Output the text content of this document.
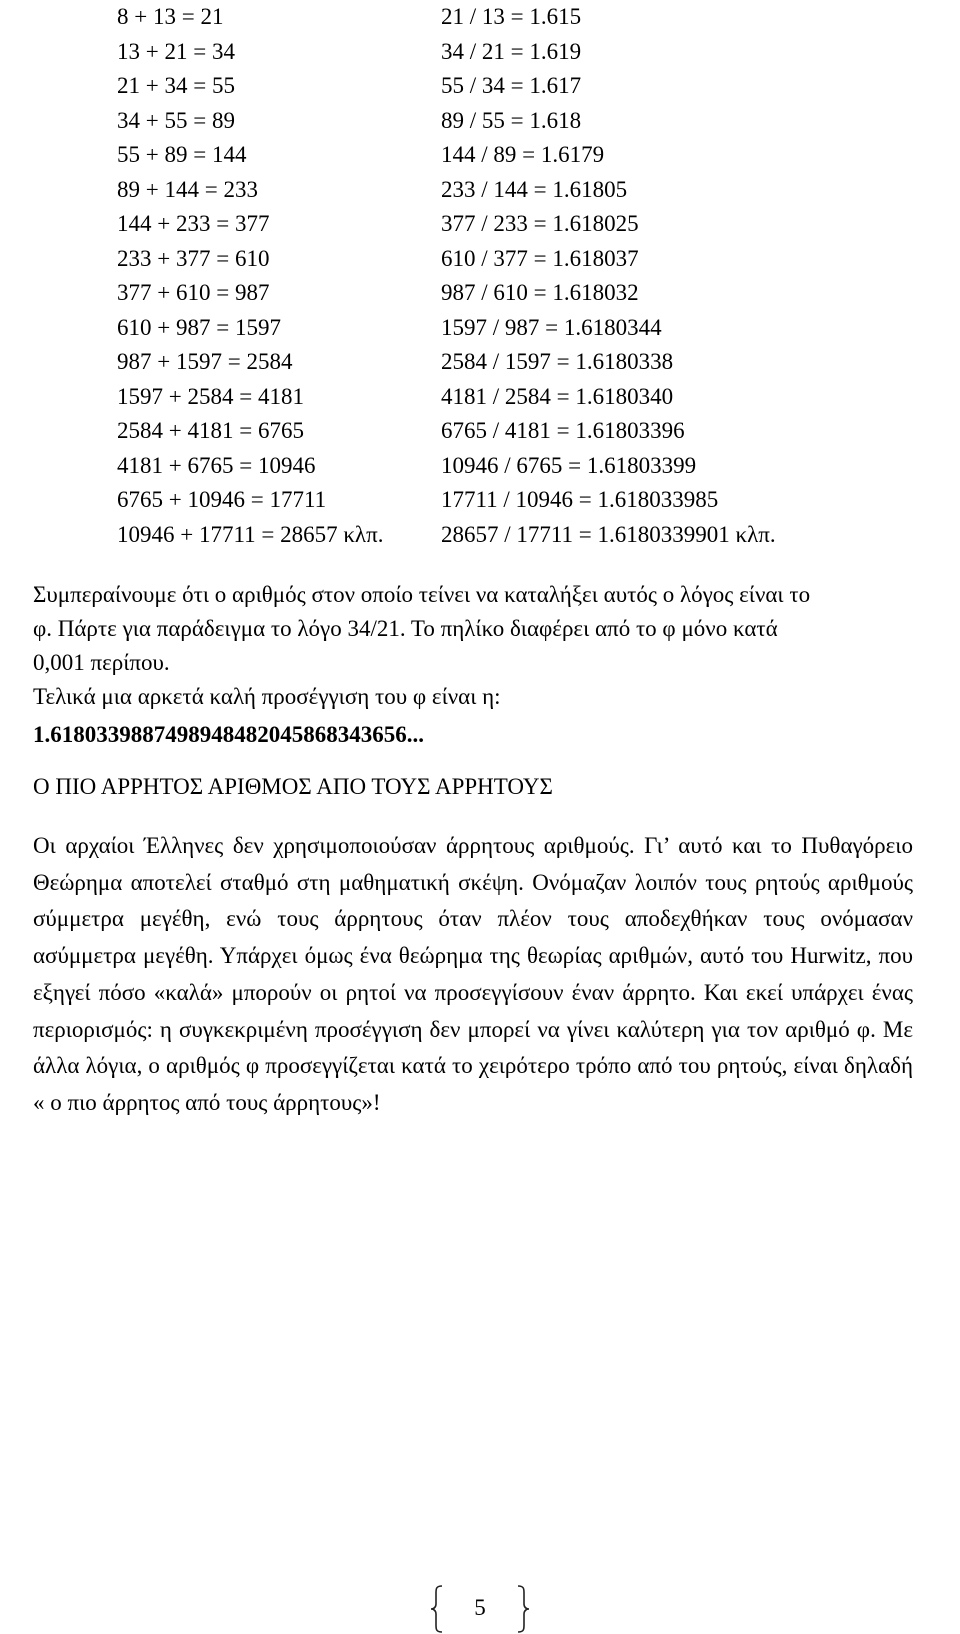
8 + 13 = 21	21 / 13 = 1.615
13 + 21 = 34	34 / 21 = 1.619
21 + 34 = 55	55 / 34 = 1.617
34 + 55 = 89	89 / 55 = 1.618
55 + 89 = 144	144 / 89 = 1.6179
89 + 144 = 233	233 / 144 = 1.61805
144 + 233 = 377	377 / 233 = 1.618025
233 + 377 = 610	610 / 377 = 1.618037
377 + 610 = 987	987 / 610 = 1.618032
610 + 987 = 1597	1597 / 987 = 1.6180344
987 + 1597 = 2584	2584 / 1597 = 1.6180338
1597 + 2584 = 4181	4181 / 2584 = 1.6180340
2584 + 4181 = 6765	6765 / 4181 = 1.61803396
4181 + 6765 = 10946	10946 / 6765 = 1.61803399
6765 + 10946 = 17711	17711 / 10946 = 1.618033985
10946 + 17711 = 28657 κλπ.	28657 / 17711 = 1.6180339901 κλπ.

Συμπεραίνουμε ότι ο αριθμός στον οποίο τείνει να καταλήξει αυτός ο λόγος είναι το

φ. Πάρτε για παράδειγμα το λόγο 34/21. Το πηλίκο διαφέρει από το φ μόνο κατά

0,001 περίπου.

Τελικά μια αρκετά καλή προσέγγιση του φ είναι η:

1.6180339887498948482045868343656...
Ο ΠΙΟ ΑΡΡΗΤΟΣ ΑΡΙΘΜΟΣ ΑΠΟ ΤΟΥΣ ΑΡΡΗΤΟΥΣ

Οι αρχαίοι Έλληνες δεν χρησιμοποιούσαν άρρητους αριθμούς. Γι’ αυτό και το Πυθαγόρειο Θεώρημα αποτελεί σταθμό στη μαθηματική σκέψη. Ονόμαζαν λοιπόν τους ρητούς αριθμούς σύμμετρα μεγέθη, ενώ τους άρρητους όταν πλέον τους αποδεχθήκαν τους ονόμασαν ασύμμετρα μεγέθη. Υπάρχει όμως ένα θεώρημα της θεωρίας αριθμών, αυτό του Hurwitz, που εξηγεί πόσο «καλά» μπορούν οι ρητοί να προσεγγίσουν έναν άρρητο. Και εκεί υπάρχει ένας περιορισμός: η συγκεκριμένη προσέγγιση δεν μπορεί να γίνει καλύτερη για τον αριθμό φ. Με άλλα λόγια, ο αριθμός φ προσεγγίζεται κατά το χειρότερο τρόπο από του ρητούς, είναι δηλαδή « ο πιο άρρητος από τους άρρητους»!

5
